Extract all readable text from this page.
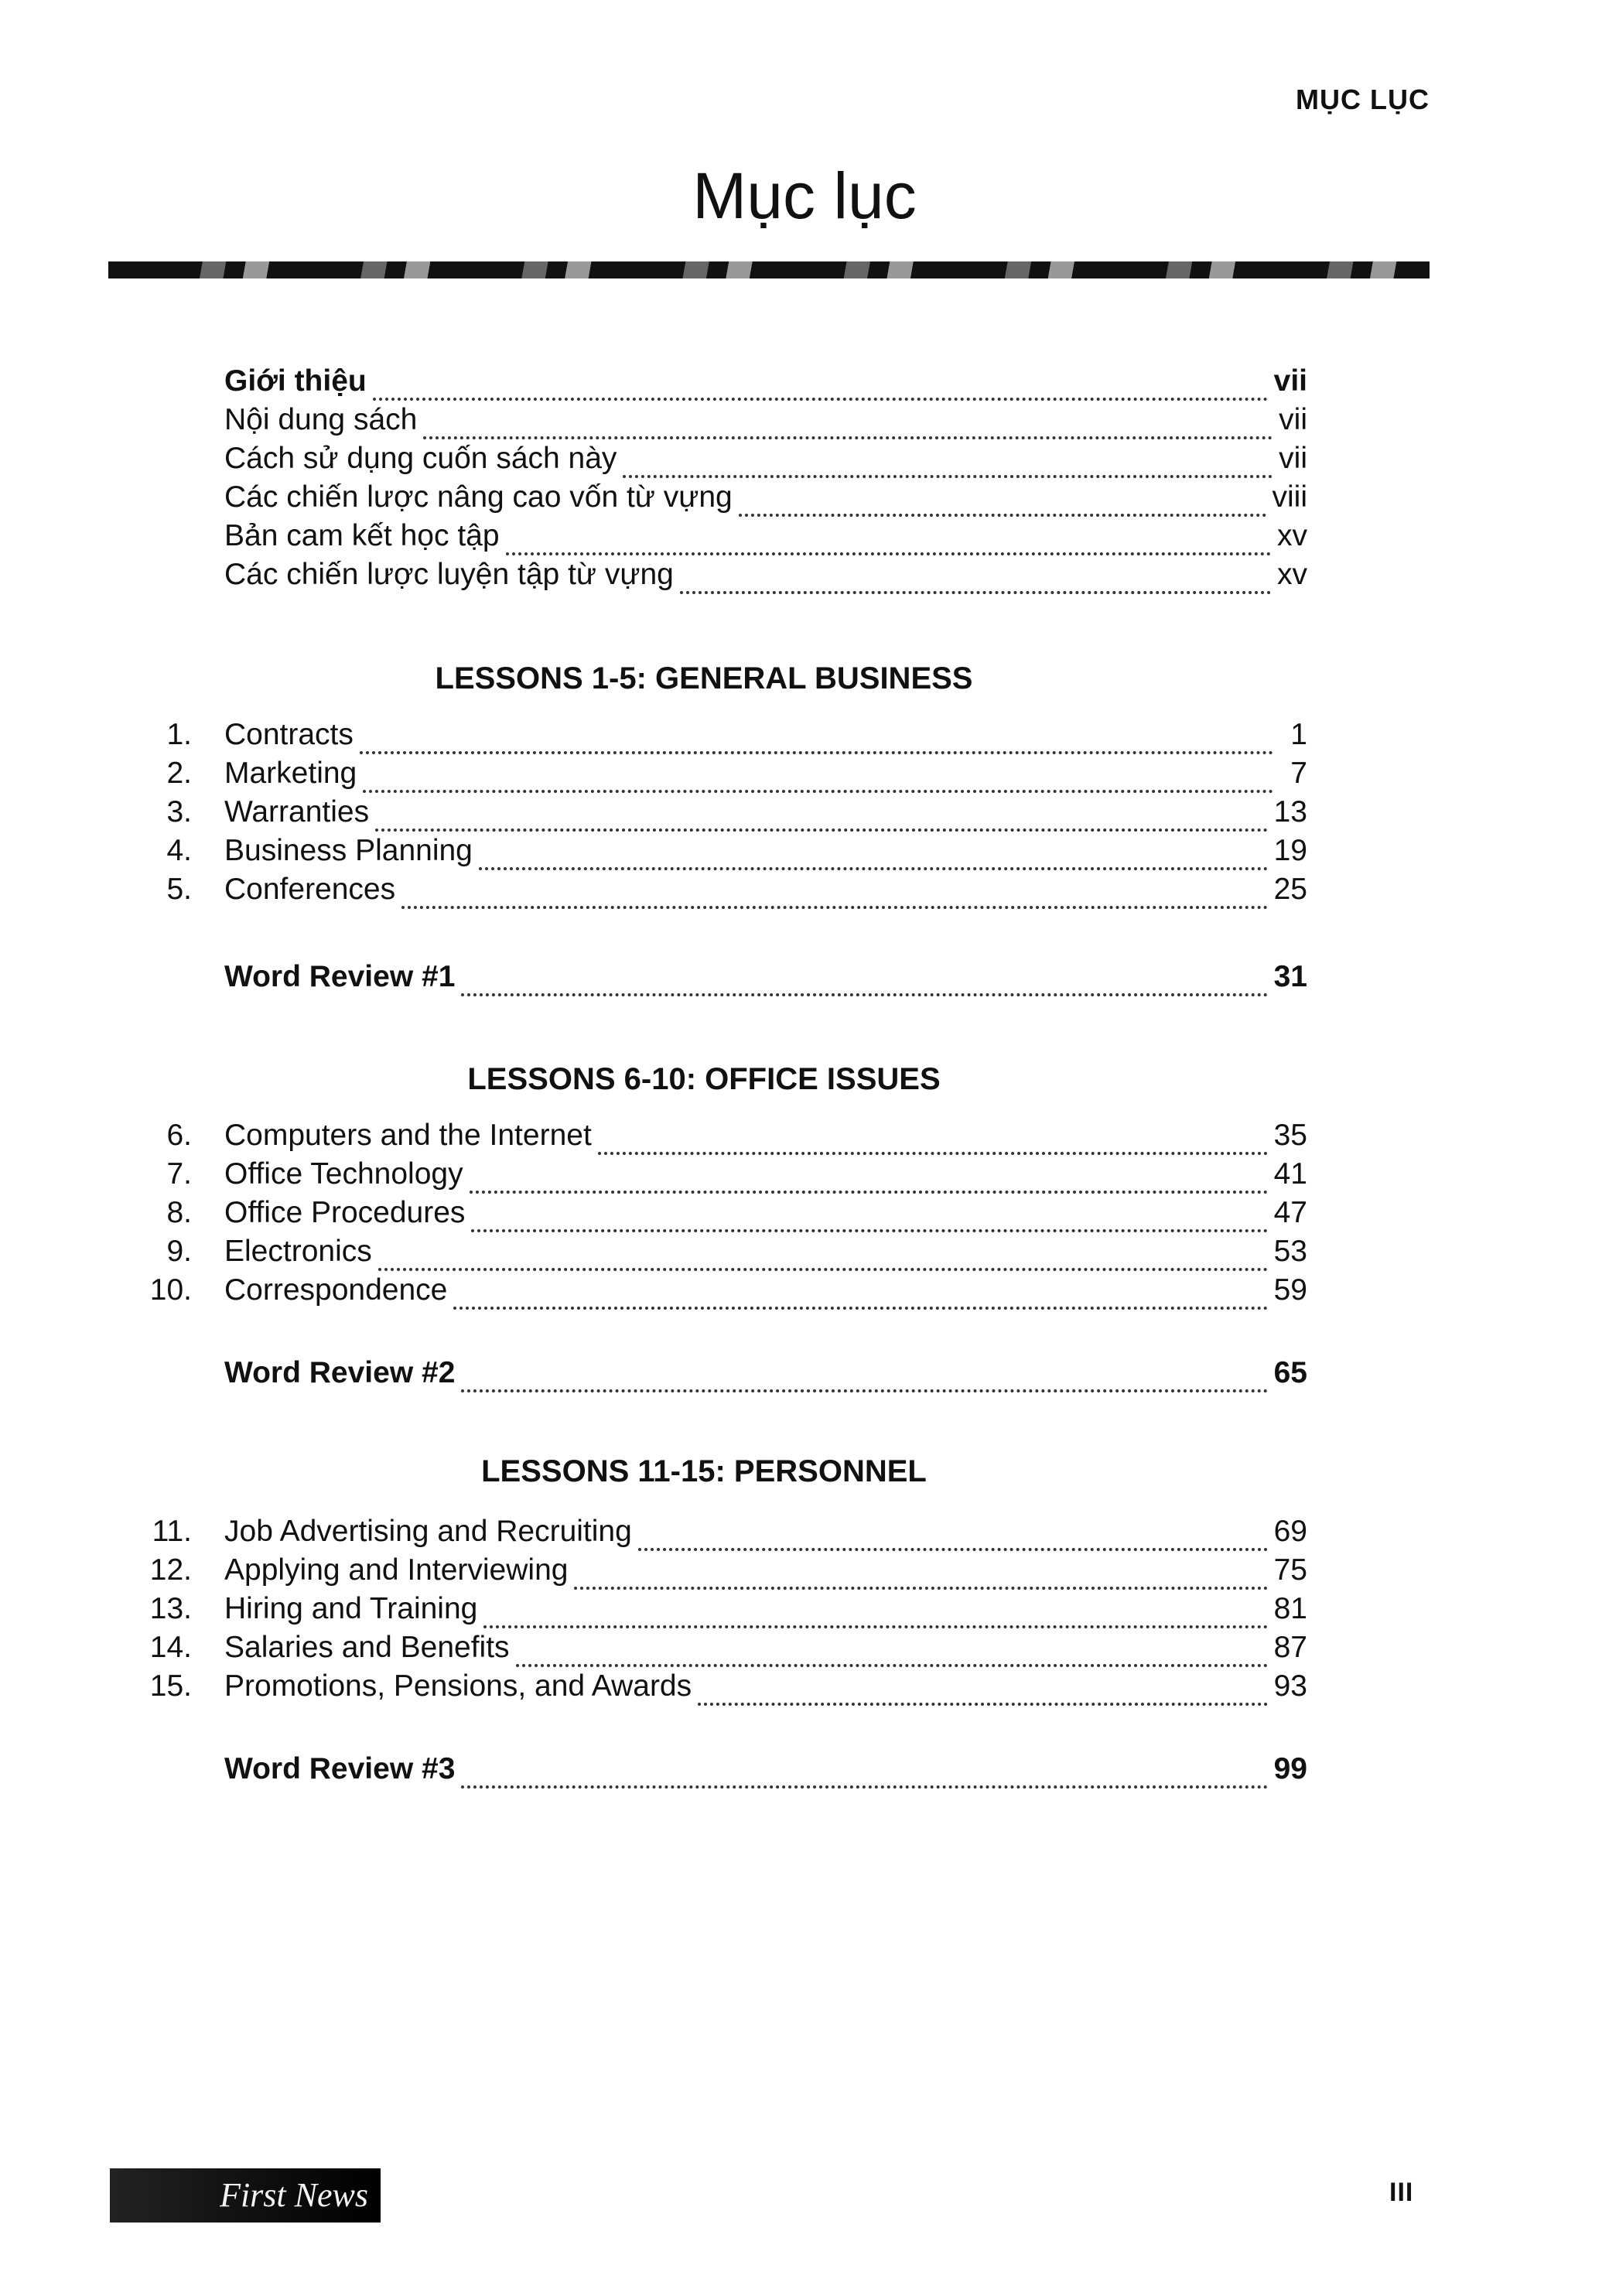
MỤC LỤC
Mục lục
Giới thiệu	vii
Nội dung sách	vii
Cách sử dụng cuốn sách này	vii
Các chiến lược nâng cao vốn từ vựng	viii
Bản cam kết học tập	xv
Các chiến lược luyện tập từ vựng	xv
LESSONS 1-5: GENERAL BUSINESS
1. Contracts	1
2. Marketing	7
3. Warranties	13
4. Business Planning	19
5. Conferences	25
Word Review #1	31
LESSONS 6-10: OFFICE ISSUES
6. Computers and the Internet	35
7. Office Technology	41
8. Office Procedures	47
9. Electronics	53
10. Correspondence	59
Word Review #2	65
LESSONS 11-15: PERSONNEL
11. Job Advertising and Recruiting	69
12. Applying and Interviewing	75
13. Hiring and Training	81
14. Salaries and Benefits	87
15. Promotions, Pensions, and Awards	93
Word Review #3	99
First News	III
